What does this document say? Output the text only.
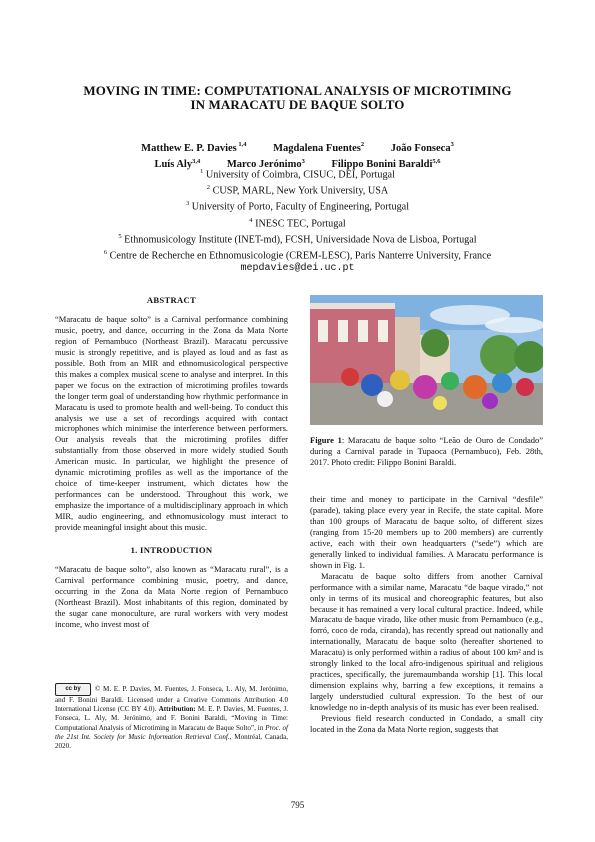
MOVING IN TIME: COMPUTATIONAL ANALYSIS OF MICROTIMING
IN MARACATU DE BAQUE SOLTO
Matthew E. P. Davies $^{1,4}$	Magdalena Fuentes$^2$	João Fonseca$^3$
Luís Aly$^{3,4}$	Marco Jerónimo$^3$	Filippo Bonini Baraldi$^{5,6}$
$^1$ University of Coimbra, CISUC, DEI, Portugal
$^2$ CUSP, MARL, New York University, USA
$^3$ University of Porto, Faculty of Engineering, Portugal
$^4$ INESC TEC, Portugal
$^5$ Ethnomusicology Institute (INET-md), FCSH, Universidade Nova de Lisboa, Portugal
$^6$ Centre de Recherche en Ethnomusicologie (CREM-LESC), Paris Nanterre University, France
mepdavies@dei.uc.pt
ABSTRACT

“Maracatu de baque solto” is a Carnival performance combining music, poetry, and dance, occurring in the Zona da Mata Norte region of Pernambuco (Northeast Brazil). Maracatu percussive music is strongly repetitive, and is played as loud and as fast as possible. Both from an MIR and ethnomusicological perspective this makes a complex musical scene to analyse and interpret. In this paper we focus on the extraction of microtiming profiles towards the longer term goal of understanding how rhythmic performance in Maracatu is used to promote health and well-being. To conduct this analysis we use a set of recordings acquired with contact microphones which minimise the interference between performers. Our analysis reveals that the microtiming profiles differ substantially from those observed in more widely studied South American music. In particular, we highlight the presence of dynamic microtiming profiles as well as the importance of the choice of time-keeper instrument, which dictates how the performances can be understood. Throughout this work, we emphasize the importance of a multidisciplinary approach in which MIR, audio engineering, and ethnomusicology must interact to provide meaningful insight about this music.

1. INTRODUCTION

“Maracatu de baque solto”, also known as “Maracatu rural”, is a Carnival performance combining music, poetry, and dance, occurring in the Zona da Mata Norte region of Pernambuco (Northeast Brazil). Most inhabitants of this region, dominated by the sugar cane monoculture, are rural workers with very modest income, who invest most of

Figure 1: Maracatu de baque solto “Leão de Ouro de Condado” during a Carnival parade in Tupaoca (Pernambuco), Feb. 28th, 2017. Photo credit: Filippo Bonini Baraldi.

their time and money to participate in the Carnival “desfile” (parade), taking place every year in Recife, the state capital. More than 100 groups of Maracatu de baque solto, of different sizes (ranging from 15-20 members up to 200 members) are currently active, each with their own headquarters (“sede”) which are generally linked to individual families. A Maracatu performance is shown in Fig. 1.

Maracatu de baque solto differs from another Carnival performance with a similar name, Maracatu “de baque virado,” not only in terms of its musical and choreographic features, but also because it has remained a very local cultural practice. Indeed, while Maracatu de baque virado, like other music from Pernambuco (e.g., forró, coco de roda, ciranda), has recently spread out nationally and internationally, Maracatu de baque solto (hereafter shortened to Maracatu) is only performed within a radius of about 100 km² and is strongly linked to the local afro-indigenous spiritual and religious practices, specifically, the juremaumbanda worship [1]. This local dimension explains why, barring a few exceptions, it remains a largely understudied cultural expression. To the best of our knowledge no in-depth analysis of its music has ever been realised.

Previous field research conducted in Condado, a small city located in the Zona da Mata Norte region, suggests that

cc by © M. E. P. Davies, M. Fuentes, J. Fonseca, L. Aly, M. Jerónimo, and F. Bonini Baraldi. Licensed under a Creative Commons Attribution 4.0 International License (CC BY 4.0). Attribution: M. E. P. Davies, M. Fuentes, J. Fonseca, L. Aly, M. Jerónimo, and F. Bonini Baraldi, “Moving in Time: Computational Analysis of Microtiming in Maracatu de Baque Solto”, in Proc. of the 21st Int. Society for Music Information Retrieval Conf., Montréal, Canada, 2020.
795
